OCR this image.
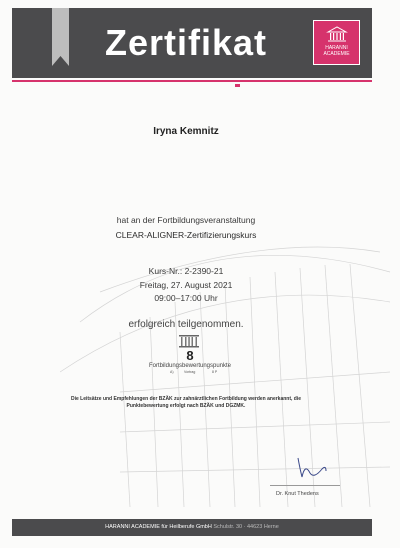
Zertifikat	HARANNI
ACADEMIE
Iryna Kemnitz
hat an der Fortbildungsveranstaltung
CLEAR-ALIGNER-Zertifizierungskurs
Kurs-Nr.: 2-2390-21
Freitag, 27. August 2021
09:00–17:00 Uhr
erfolgreich teilgenommen.
8
Fortbildungsbewertungspunkte
A)	Vortrag	8 P
Die Leitsätze und Empfehlungen der BZÄK zur zahnärztlichen Fortbildung werden anerkannt, die
Punktebewertung erfolgt nach BZÄK und DGZMK.
Dr. Knut Thedens
HARANNI ACADEMIE für Heilberufe GmbH Schulstr. 30 · 44623 Herne
